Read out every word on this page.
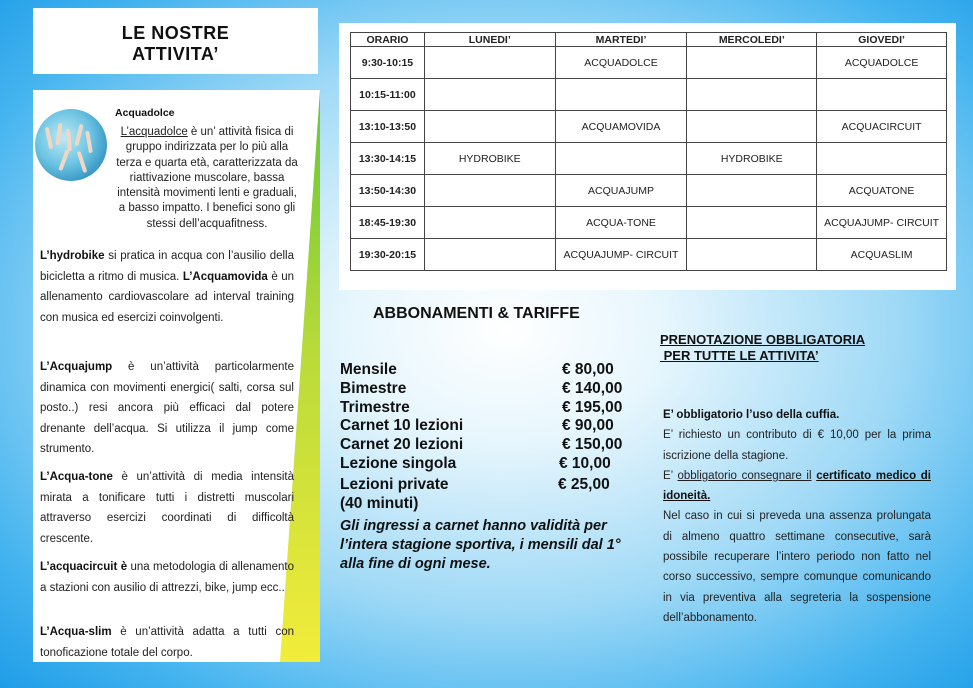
LE NOSTRE
ATTIVITA’
Acquadolce
L’acquadolce è un’ attività fisica di gruppo indirizzata per lo più alla terza e quarta età, caratterizzata da riattivazione muscolare, bassa intensità movimenti lenti e graduali, a basso impatto. I benefici sono gli stessi dell’acquafitness.
L’hydrobike si pratica in acqua con l’ausilio della bicicletta a ritmo di musica. L’Acquamovida è un allenamento cardiovascolare ad interval training con musica ed esercizi coinvolgenti.
L’Acquajump è un’attività particolarmente dinamica con movimenti energici( salti, corsa sul posto..) resi ancora più efficaci dal potere drenante dell’acqua. Si utilizza il jump come strumento.
L’Acqua-tone è un’attività di media intensità mirata a tonificare tutti i distretti muscolari attraverso esercizi coordinati di difficoltà crescente.
L’acquacircuit è una metodologia di allenamento a stazioni con ausilio di attrezzi, bike, jump ecc..
L’Acqua-slim è un’attività adatta a tutti con tonoficazione totale del corpo.
ORARIO	LUNEDI’	MARTEDI’	MERCOLEDI’	GIOVEDI’
9:30-10:15		ACQUADOLCE		ACQUADOLCE
10:15-11:00				
13:10-13:50		ACQUAMOVIDA		ACQUACIRCUIT
13:30-14:15	HYDROBIKE		HYDROBIKE	
13:50-14:30		ACQUAJUMP		ACQUATONE
18:45-19:30		ACQUA-TONE		ACQUAJUMP- CIRCUIT
19:30-20:15		ACQUAJUMP- CIRCUIT		ACQUASLIM
ABBONAMENTI & TARIFFE
Mensile	€ 80,00
Bimestre	€ 140,00
Trimestre	€ 195,00
Carnet 10 lezioni	€ 90,00
Carnet 20 lezioni	€ 150,00
Lezione singola	€ 10,00
Lezioni private	€ 25,00
(40 minuti)
Gli ingressi a carnet hanno validità per l’intera stagione sportiva, i mensili dal 1° alla fine di ogni mese.
PRENOTAZIONE OBBLIGATORIA
PER TUTTE LE ATTIVITA’

E’ obbligatorio l’uso della cuffia.

E’ richiesto un contributo di € 10,00 per la prima iscrizione della stagione.

E’ obbligatorio consegnare il certificato medico di idoneità.

Nel caso in cui si preveda una assenza prolungata di almeno quattro settimane consecutive, sarà possibile recuperare l’intero periodo non fatto nel corso successivo, sempre comunque comunicando in via preventiva alla segreteria la sospensione dell’abbonamento.
